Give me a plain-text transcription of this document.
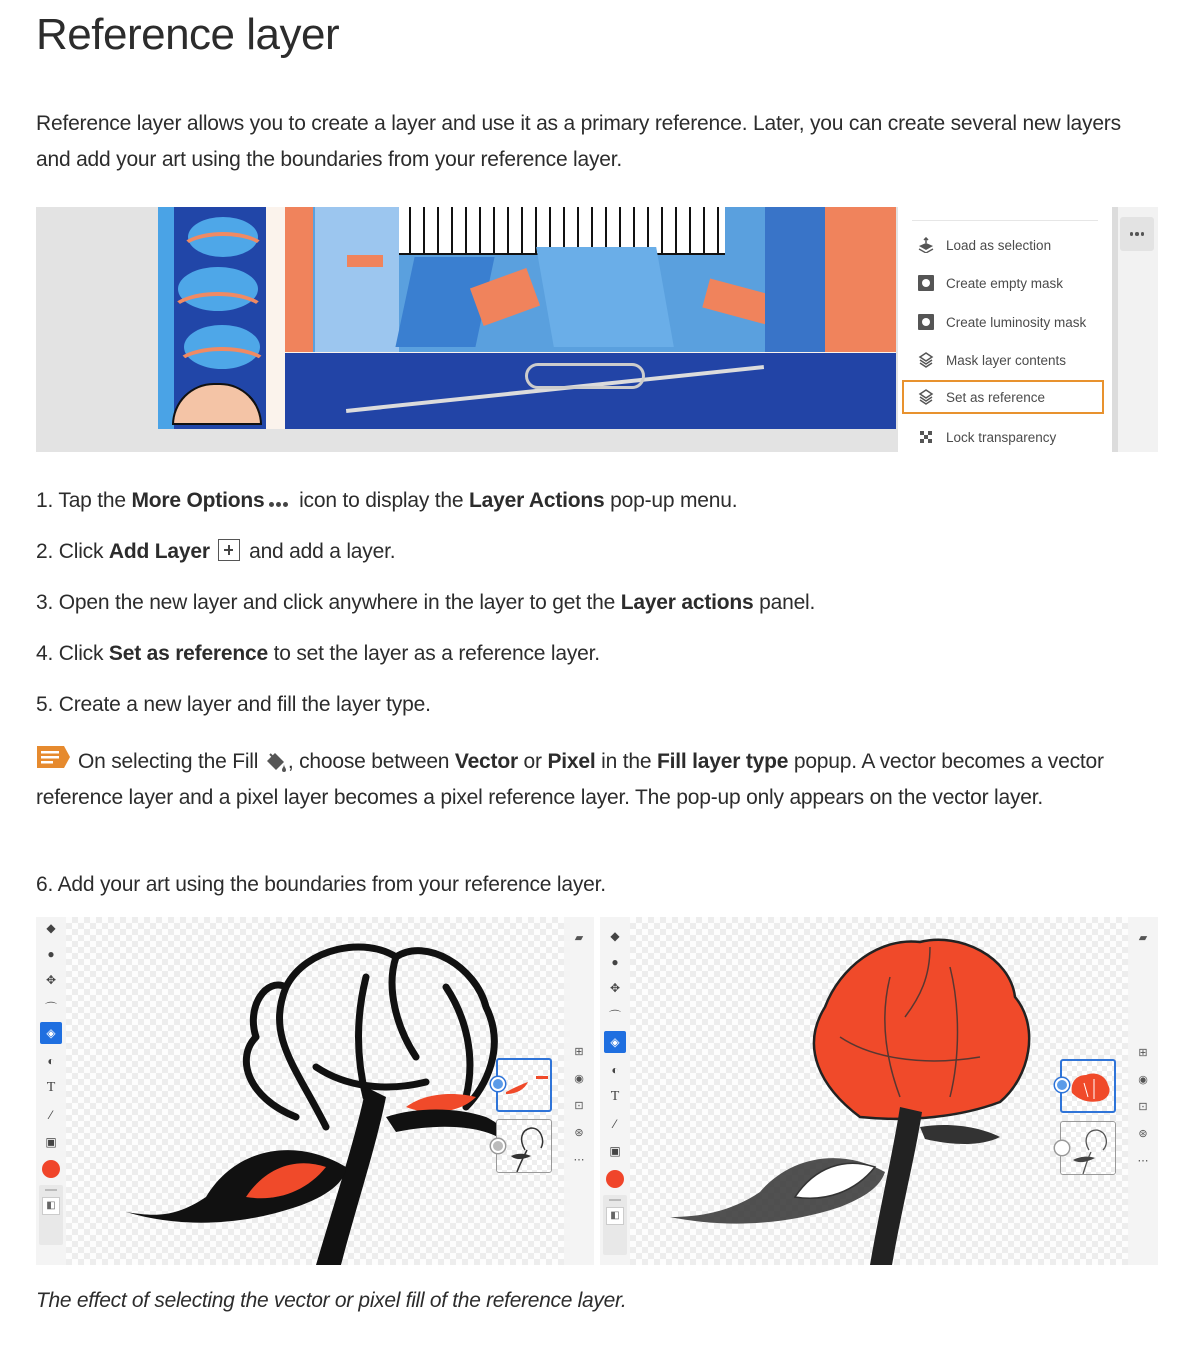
Reference layer

Reference layer allows you to create a layer and use it as a primary reference. Later, you can create several new layers and add your art using the boundaries from your reference layer.

Load as selection
Create empty mask
Create luminosity mask
Mask layer contents
Set as reference
Lock transparency
1. Tap the More Options icon to display the Layer Actions pop-up menu.
2. Click Add Layer  and add a layer.
3. Open the new layer and click anywhere in the layer to get the Layer actions panel.
4. Click Set as reference to set the layer as a reference layer.
5. Create a new layer and fill the layer type.
On selecting the Fill , choose between Vector or Pixel in the Fill layer type popup. A vector becomes a vector reference layer and a pixel layer becomes a pixel reference layer. The pop-up only appears on the vector layer.
6. Add your art using the boundaries from your reference layer.
◆
●
✥
⌒
◈
◐
T
⁄
▣
◧
▰
⊞
◉
⊡
⊛
⋯
◆
●
✥
⌒
◈
◐
T
⁄
▣
◧
▰
⊞
◉
⊡
⊛
⋯

The effect of selecting the vector or pixel fill of the reference layer.
